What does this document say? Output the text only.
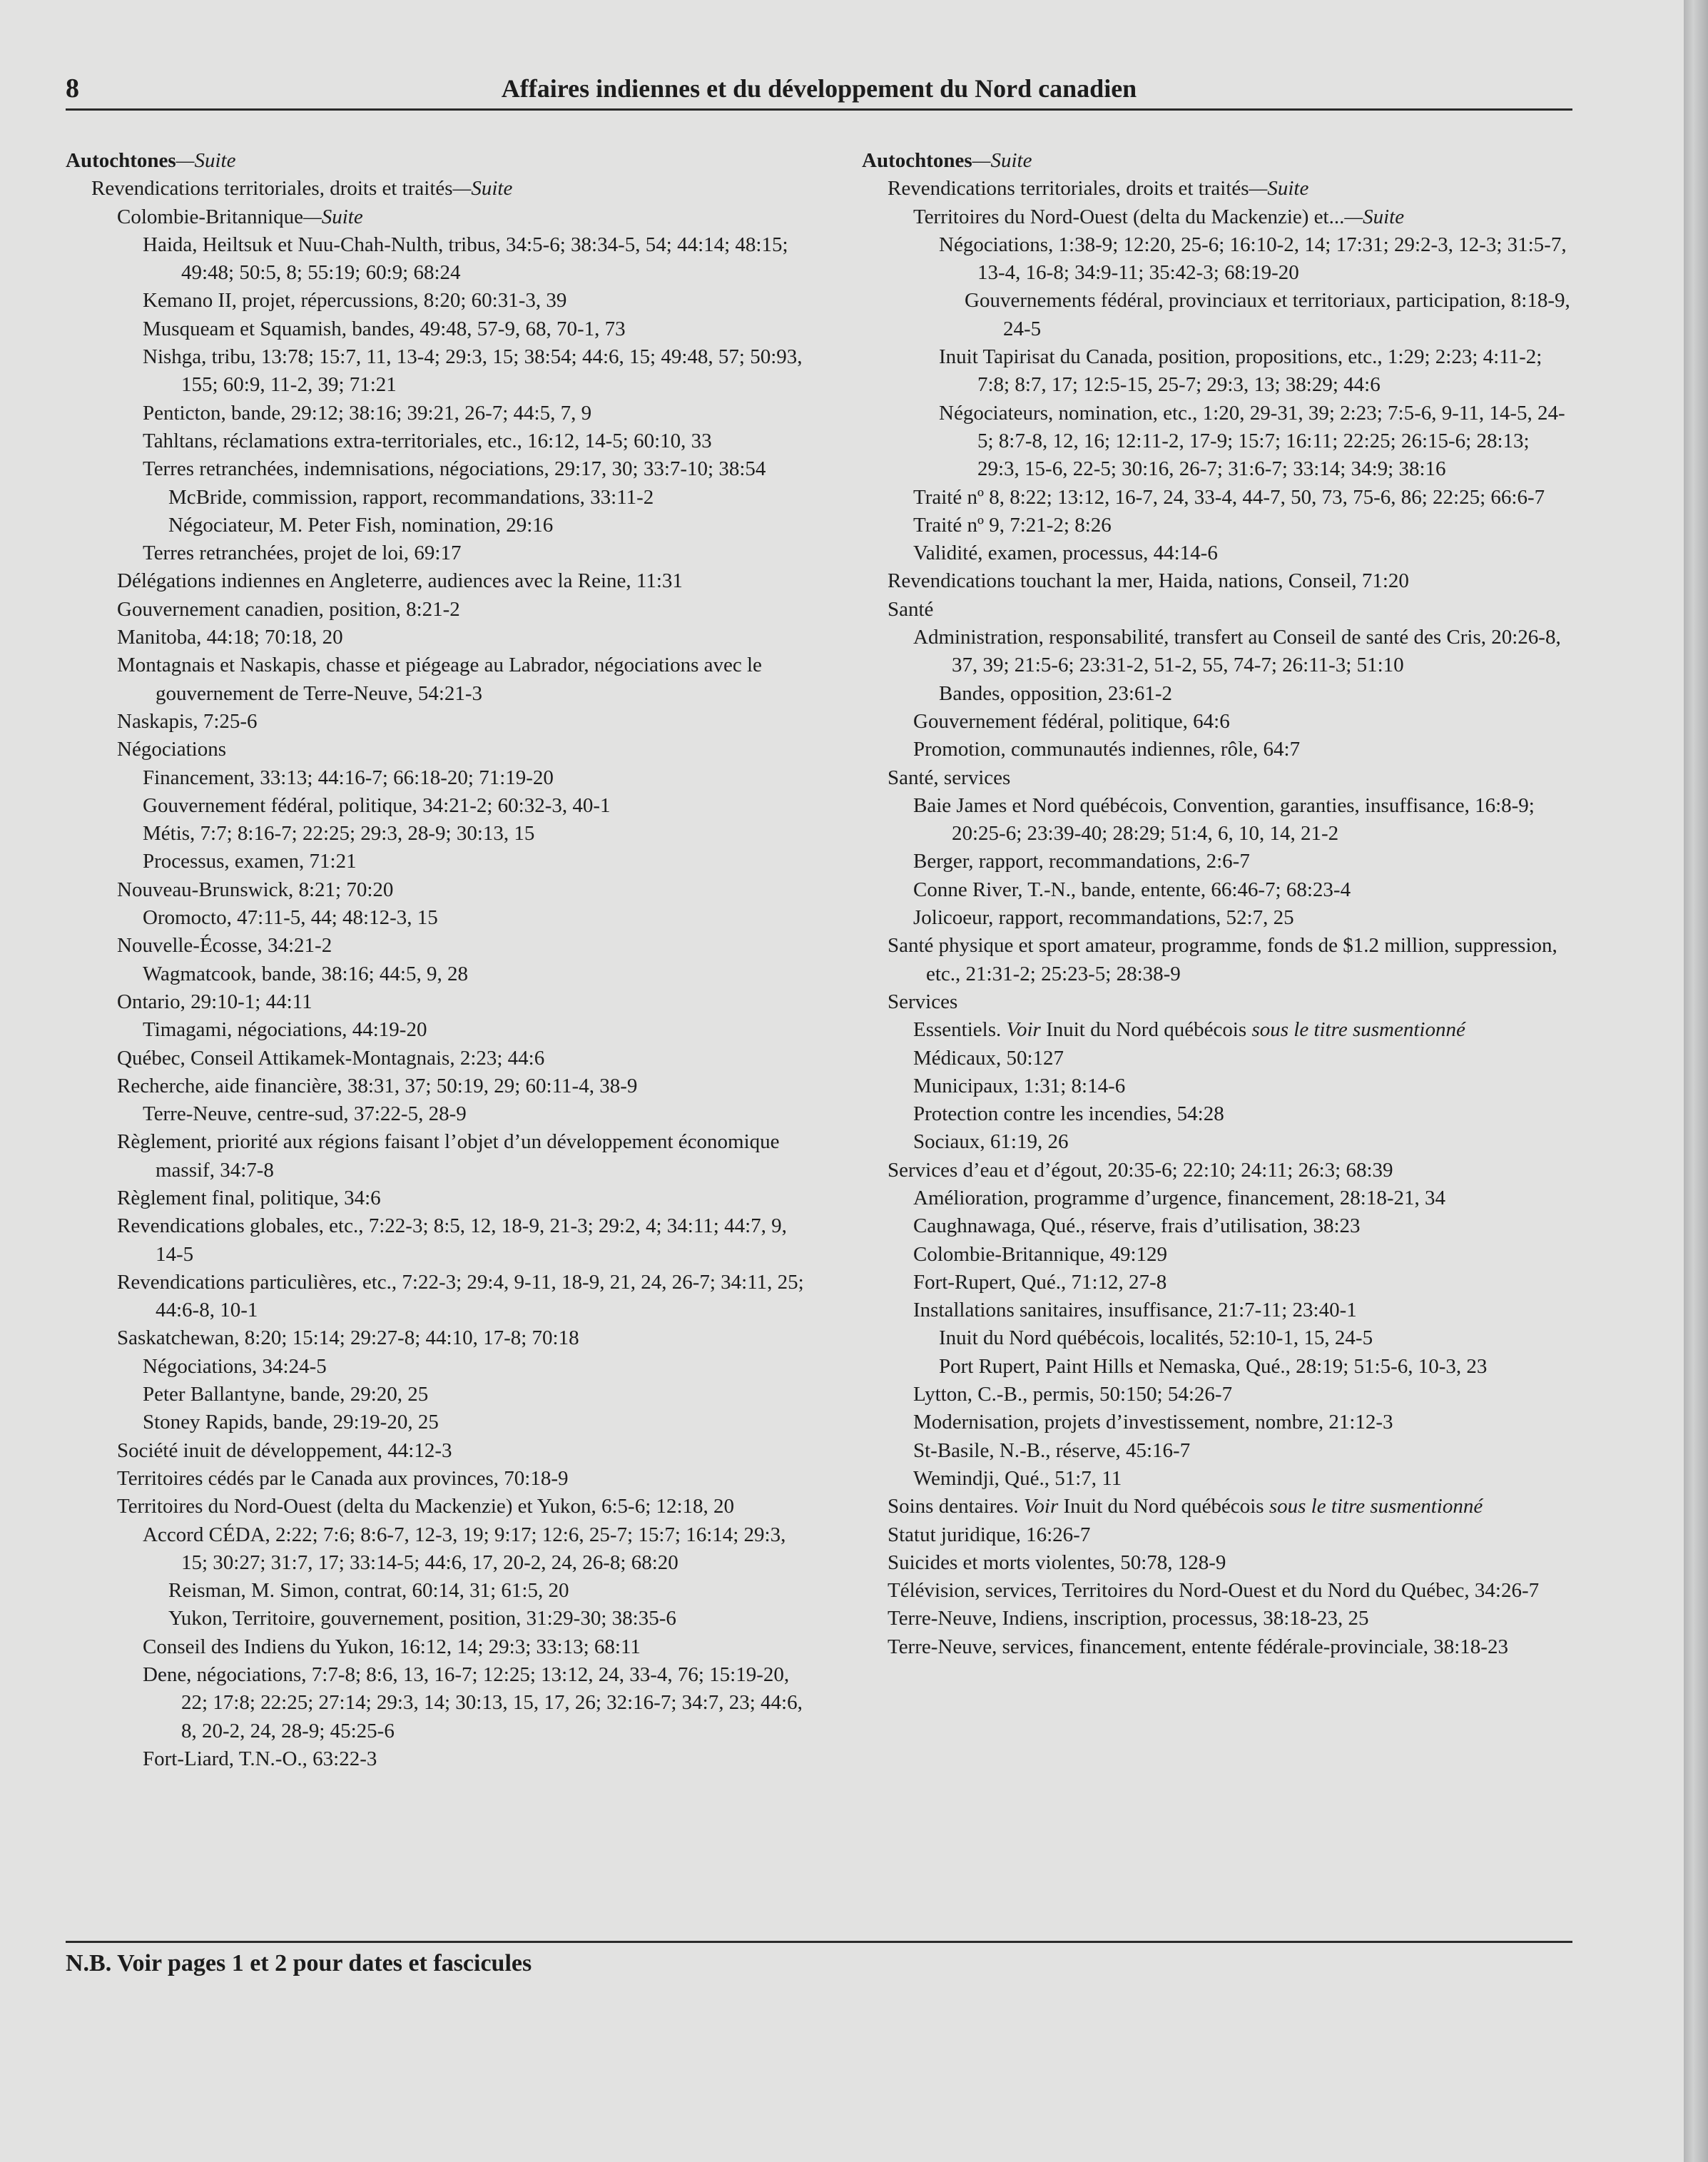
8	Affaires indiennes et du développement du Nord canadien
Autochtones—Suite
Revendications territoriales, droits et traités—Suite
Colombie-Britannique—Suite
Haida, Heiltsuk et Nuu-Chah-Nulth, tribus, 34:5-6; 38:34-5, 54; 44:14; 48:15; 49:48; 50:5, 8; 55:19; 60:9; 68:24
Kemano II, projet, répercussions, 8:20; 60:31-3, 39
Musqueam et Squamish, bandes, 49:48, 57-9, 68, 70-1, 73
Nishga, tribu, 13:78; 15:7, 11, 13-4; 29:3, 15; 38:54; 44:6, 15; 49:48, 57; 50:93, 155; 60:9, 11-2, 39; 71:21
Penticton, bande, 29:12; 38:16; 39:21, 26-7; 44:5, 7, 9
Tahltans, réclamations extra-territoriales, etc., 16:12, 14-5; 60:10, 33
Terres retranchées, indemnisations, négociations, 29:17, 30; 33:7-10; 38:54
McBride, commission, rapport, recommandations, 33:11-2
Négociateur, M. Peter Fish, nomination, 29:16
Terres retranchées, projet de loi, 69:17
Délégations indiennes en Angleterre, audiences avec la Reine, 11:31
Gouvernement canadien, position, 8:21-2
Manitoba, 44:18; 70:18, 20
Montagnais et Naskapis, chasse et piégeage au Labrador, négociations avec le gouvernement de Terre-Neuve, 54:21-3
Naskapis, 7:25-6
Négociations
Financement, 33:13; 44:16-7; 66:18-20; 71:19-20
Gouvernement fédéral, politique, 34:21-2; 60:32-3, 40-1
Métis, 7:7; 8:16-7; 22:25; 29:3, 28-9; 30:13, 15
Processus, examen, 71:21
Nouveau-Brunswick, 8:21; 70:20
Oromocto, 47:11-5, 44; 48:12-3, 15
Nouvelle-Écosse, 34:21-2
Wagmatcook, bande, 38:16; 44:5, 9, 28
Ontario, 29:10-1; 44:11
Timagami, négociations, 44:19-20
Québec, Conseil Attikamek-Montagnais, 2:23; 44:6
Recherche, aide financière, 38:31, 37; 50:19, 29; 60:11-4, 38-9
Terre-Neuve, centre-sud, 37:22-5, 28-9
Règlement, priorité aux régions faisant l’objet d’un développement économique massif, 34:7-8
Règlement final, politique, 34:6
Revendications globales, etc., 7:22-3; 8:5, 12, 18-9, 21-3; 29:2, 4; 34:11; 44:7, 9, 14-5
Revendications particulières, etc., 7:22-3; 29:4, 9-11, 18-9, 21, 24, 26-7; 34:11, 25; 44:6-8, 10-1
Saskatchewan, 8:20; 15:14; 29:27-8; 44:10, 17-8; 70:18
Négociations, 34:24-5
Peter Ballantyne, bande, 29:20, 25
Stoney Rapids, bande, 29:19-20, 25
Société inuit de développement, 44:12-3
Territoires cédés par le Canada aux provinces, 70:18-9
Territoires du Nord-Ouest (delta du Mackenzie) et Yukon, 6:5-6; 12:18, 20
Accord CÉDA, 2:22; 7:6; 8:6-7, 12-3, 19; 9:17; 12:6, 25-7; 15:7; 16:14; 29:3, 15; 30:27; 31:7, 17; 33:14-5; 44:6, 17, 20-2, 24, 26-8; 68:20
Reisman, M. Simon, contrat, 60:14, 31; 61:5, 20
Yukon, Territoire, gouvernement, position, 31:29-30; 38:35-6
Conseil des Indiens du Yukon, 16:12, 14; 29:3; 33:13; 68:11
Dene, négociations, 7:7-8; 8:6, 13, 16-7; 12:25; 13:12, 24, 33-4, 76; 15:19-20, 22; 17:8; 22:25; 27:14; 29:3, 14; 30:13, 15, 17, 26; 32:16-7; 34:7, 23; 44:6, 8, 20-2, 24, 28-9; 45:25-6
Fort-Liard, T.N.-O., 63:22-3
Autochtones—Suite
Revendications territoriales, droits et traités—Suite
Territoires du Nord-Ouest (delta du Mackenzie) et...—Suite
Négociations, 1:38-9; 12:20, 25-6; 16:10-2, 14; 17:31; 29:2-3, 12-3; 31:5-7, 13-4, 16-8; 34:9-11; 35:42-3; 68:19-20
Gouvernements fédéral, provinciaux et territoriaux, participation, 8:18-9, 24-5
Inuit Tapirisat du Canada, position, propositions, etc., 1:29; 2:23; 4:11-2; 7:8; 8:7, 17; 12:5-15, 25-7; 29:3, 13; 38:29; 44:6
Négociateurs, nomination, etc., 1:20, 29-31, 39; 2:23; 7:5-6, 9-11, 14-5, 24-5; 8:7-8, 12, 16; 12:11-2, 17-9; 15:7; 16:11; 22:25; 26:15-6; 28:13; 29:3, 15-6, 22-5; 30:16, 26-7; 31:6-7; 33:14; 34:9; 38:16
Traité nº 8, 8:22; 13:12, 16-7, 24, 33-4, 44-7, 50, 73, 75-6, 86; 22:25; 66:6-7
Traité nº 9, 7:21-2; 8:26
Validité, examen, processus, 44:14-6
Revendications touchant la mer, Haida, nations, Conseil, 71:20
Santé
Administration, responsabilité, transfert au Conseil de santé des Cris, 20:26-8, 37, 39; 21:5-6; 23:31-2, 51-2, 55, 74-7; 26:11-3; 51:10
Bandes, opposition, 23:61-2
Gouvernement fédéral, politique, 64:6
Promotion, communautés indiennes, rôle, 64:7
Santé, services
Baie James et Nord québécois, Convention, garanties, insuffisance, 16:8-9; 20:25-6; 23:39-40; 28:29; 51:4, 6, 10, 14, 21-2
Berger, rapport, recommandations, 2:6-7
Conne River, T.-N., bande, entente, 66:46-7; 68:23-4
Jolicoeur, rapport, recommandations, 52:7, 25
Santé physique et sport amateur, programme, fonds de $1.2 million, suppression, etc., 21:31-2; 25:23-5; 28:38-9
Services
Essentiels. Voir Inuit du Nord québécois sous le titre susmentionné
Médicaux, 50:127
Municipaux, 1:31; 8:14-6
Protection contre les incendies, 54:28
Sociaux, 61:19, 26
Services d’eau et d’égout, 20:35-6; 22:10; 24:11; 26:3; 68:39
Amélioration, programme d’urgence, financement, 28:18-21, 34
Caughnawaga, Qué., réserve, frais d’utilisation, 38:23
Colombie-Britannique, 49:129
Fort-Rupert, Qué., 71:12, 27-8
Installations sanitaires, insuffisance, 21:7-11; 23:40-1
Inuit du Nord québécois, localités, 52:10-1, 15, 24-5
Port Rupert, Paint Hills et Nemaska, Qué., 28:19; 51:5-6, 10-3, 23
Lytton, C.-B., permis, 50:150; 54:26-7
Modernisation, projets d’investissement, nombre, 21:12-3
St-Basile, N.-B., réserve, 45:16-7
Wemindji, Qué., 51:7, 11
Soins dentaires. Voir Inuit du Nord québécois sous le titre susmentionné
Statut juridique, 16:26-7
Suicides et morts violentes, 50:78, 128-9
Télévision, services, Territoires du Nord-Ouest et du Nord du Québec, 34:26-7
Terre-Neuve, Indiens, inscription, processus, 38:18-23, 25
Terre-Neuve, services, financement, entente fédérale-provinciale, 38:18-23
N.B. Voir pages 1 et 2 pour dates et fascicules
